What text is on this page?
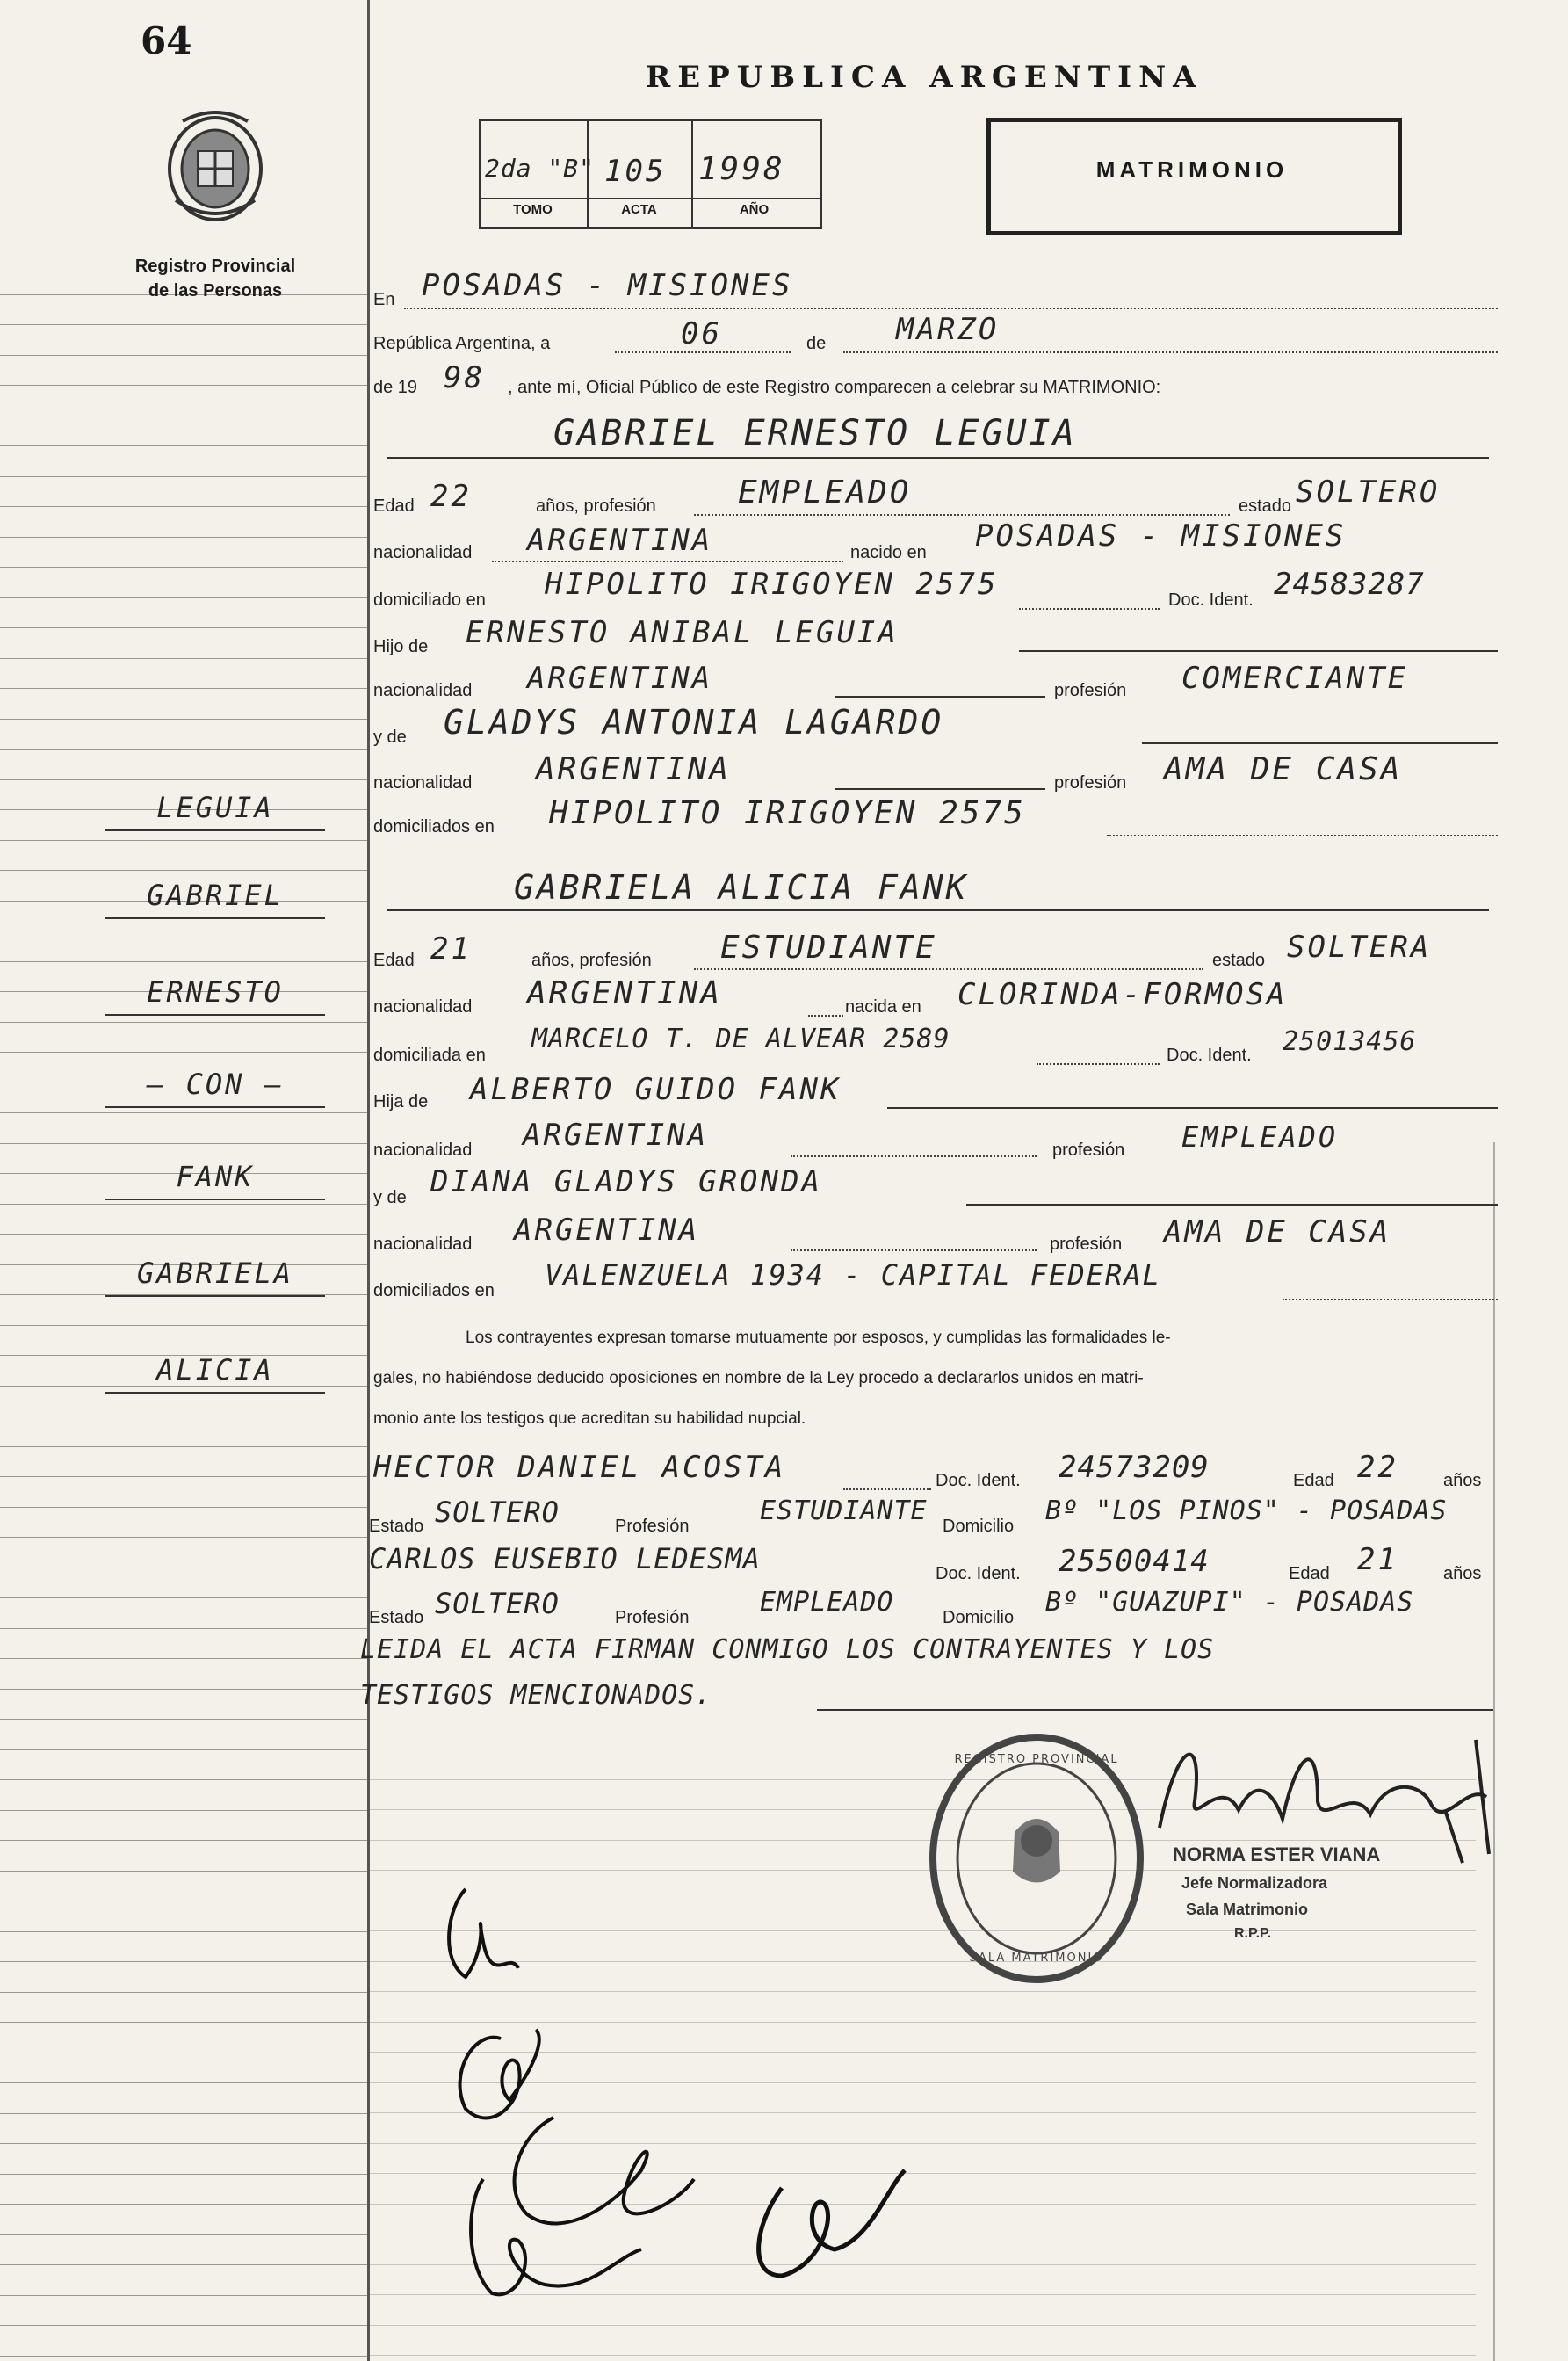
64
Registro Provincial
de las Personas
LEGUIA
GABRIEL
ERNESTO
— CON —
FANK
GABRIELA
ALICIA
REPUBLICA ARGENTINA
2da "B" 105 1998
TOMO	ACTA	AÑO
MATRIMONIO
En POSADAS - MISIONES
República Argentina, a	06	de MARZO
de 19 98 , ante mí, Oficial Público de este Registro comparecen a celebrar su MATRIMONIO:
GABRIEL ERNESTO LEGUIA
Edad 22	años, profesión	EMPLEADO	estado SOLTERO
nacionalidad ARGENTINA	nacido en POSADAS - MISIONES
domiciliado en HIPOLITO IRIGOYEN 2575	Doc. Ident. 24583287
Hijo de ERNESTO ANIBAL LEGUIA
nacionalidad ARGENTINA	profesión COMERCIANTE
y de GLADYS ANTONIA LAGARDO
nacionalidad ARGENTINA	profesión AMA DE CASA
domiciliados en HIPOLITO IRIGOYEN 2575
GABRIELA ALICIA FANK
Edad 21	años, profesión ESTUDIANTE	estado SOLTERA
nacionalidad ARGENTINA	nacida en CLORINDA-FORMOSA
domiciliada en
MARCELO T. DE ALVEAR 2589
Doc. Ident. 25013456
Hija de ALBERTO GUIDO FANK
nacionalidad ARGENTINA	profesión EMPLEADO
y de DIANA GLADYS GRONDA
nacionalidad ARGENTINA	profesión AMA DE CASA
domiciliados en VALENZUELA 1934 - CAPITAL FEDERAL
Los contrayentes expresan tomarse mutuamente por esposos, y cumplidas las formalidades le-
gales, no habiéndose deducido oposiciones en nombre de la Ley procedo a declararlos unidos en matri-
monio ante los testigos que acreditan su habilidad nupcial.
HECTOR DANIEL ACOSTA	Doc. Ident. 24573209	Edad 22	años
Estado SOLTERO	Profesión	ESTUDIANTE Domicilio Bº "LOS PINOS" - POSADAS
CARLOS EUSEBIO LEDESMA	Doc. Ident. 25500414	Edad 21	años
Estado SOLTERO	Profesión	EMPLEADO	Domicilio Bº "GUAZUPI" - POSADAS
LEIDA EL ACTA FIRMAN CONMIGO LOS CONTRAYENTES Y LOS
TESTIGOS MENCIONADOS.
REGISTRO PROVINCIAL
SALA MATRIMONIO
NORMA ESTER VIANA
Jefe Normalizadora
Sala Matrimonio
R.P.P.
